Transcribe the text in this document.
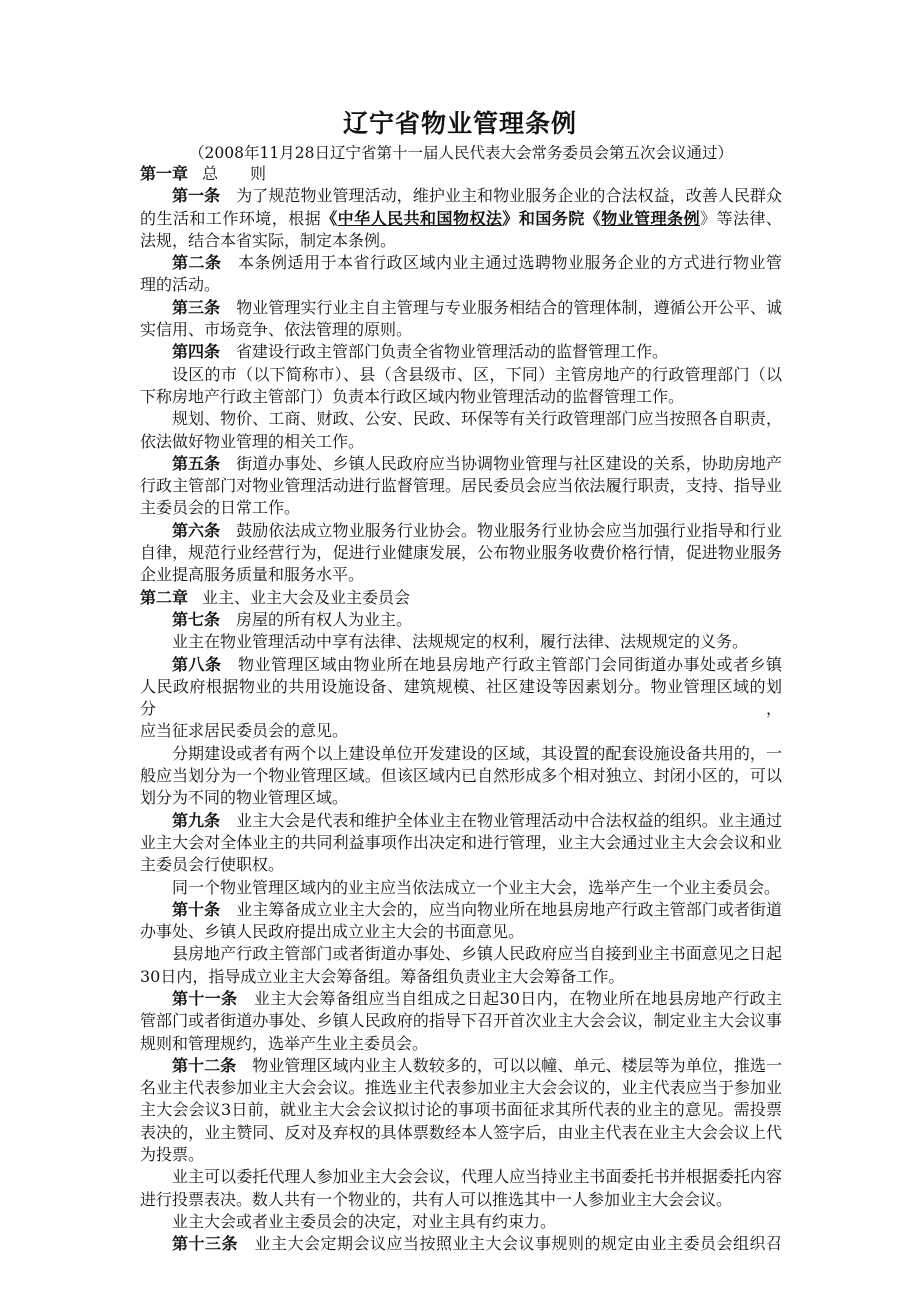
辽宁省物业管理条例
（2008年11月28日辽宁省第十一届人民代表大会常务委员会第五次会议通过）
第一章 总　　则
第一条 为了规范物业管理活动，维护业主和物业服务企业的合法权益，改善人民群众
的生活和工作环境，根据《中华人民共和国物权法》和国务院《物业管理条例》等法律、
法规，结合本省实际，制定本条例。
第二条 本条例适用于本省行政区域内业主通过选聘物业服务企业的方式进行物业管
理的活动。
第三条 物业管理实行业主自主管理与专业服务相结合的管理体制，遵循公开公平、诚
实信用、市场竞争、依法管理的原则。
第四条 省建设行政主管部门负责全省物业管理活动的监督管理工作。
设区的市（以下简称市）、县（含县级市、区，下同）主管房地产的行政管理部门（以
下称房地产行政主管部门）负责本行政区域内物业管理活动的监督管理工作。
规划、物价、工商、财政、公安、民政、环保等有关行政管理部门应当按照各自职责，
依法做好物业管理的相关工作。
第五条 街道办事处、乡镇人民政府应当协调物业管理与社区建设的关系，协助房地产
行政主管部门对物业管理活动进行监督管理。居民委员会应当依法履行职责，支持、指导业
主委员会的日常工作。
第六条 鼓励依法成立物业服务行业协会。物业服务行业协会应当加强行业指导和行业
自律，规范行业经营行为，促进行业健康发展，公布物业服务收费价格行情，促进物业服务
企业提高服务质量和服务水平。
第二章 业主、业主大会及业主委员会
第七条 房屋的所有权人为业主。
业主在物业管理活动中享有法律、法规规定的权利，履行法律、法规规定的义务。
第八条 物业管理区域由物业所在地县房地产行政主管部门会同街道办事处或者乡镇
人民政府根据物业的共用设施设备、建筑规模、社区建设等因素划分。物业管理区域的划分，
应当征求居民委员会的意见。
分期建设或者有两个以上建设单位开发建设的区域，其设置的配套设施设备共用的，一
般应当划分为一个物业管理区域。但该区域内已自然形成多个相对独立、封闭小区的，可以
划分为不同的物业管理区域。
第九条 业主大会是代表和维护全体业主在物业管理活动中合法权益的组织。业主通过
业主大会对全体业主的共同利益事项作出决定和进行管理，业主大会通过业主大会会议和业
主委员会行使职权。
同一个物业管理区域内的业主应当依法成立一个业主大会，选举产生一个业主委员会。
第十条 业主筹备成立业主大会的，应当向物业所在地县房地产行政主管部门或者街道
办事处、乡镇人民政府提出成立业主大会的书面意见。
县房地产行政主管部门或者街道办事处、乡镇人民政府应当自接到业主书面意见之日起
30日内，指导成立业主大会筹备组。筹备组负责业主大会筹备工作。
第十一条 业主大会筹备组应当自组成之日起30日内，在物业所在地县房地产行政主
管部门或者街道办事处、乡镇人民政府的指导下召开首次业主大会会议，制定业主大会议事
规则和管理规约，选举产生业主委员会。
第十二条 物业管理区域内业主人数较多的，可以以幢、单元、楼层等为单位，推选一
名业主代表参加业主大会会议。推选业主代表参加业主大会会议的，业主代表应当于参加业
主大会会议3日前，就业主大会会议拟讨论的事项书面征求其所代表的业主的意见。需投票
表决的，业主赞同、反对及弃权的具体票数经本人签字后，由业主代表在业主大会会议上代
为投票。
业主可以委托代理人参加业主大会会议，代理人应当持业主书面委托书并根据委托内容
进行投票表决。数人共有一个物业的，共有人可以推选其中一人参加业主大会会议。
业主大会或者业主委员会的决定，对业主具有约束力。
第十三条 业主大会定期会议应当按照业主大会议事规则的规定由业主委员会组织召
